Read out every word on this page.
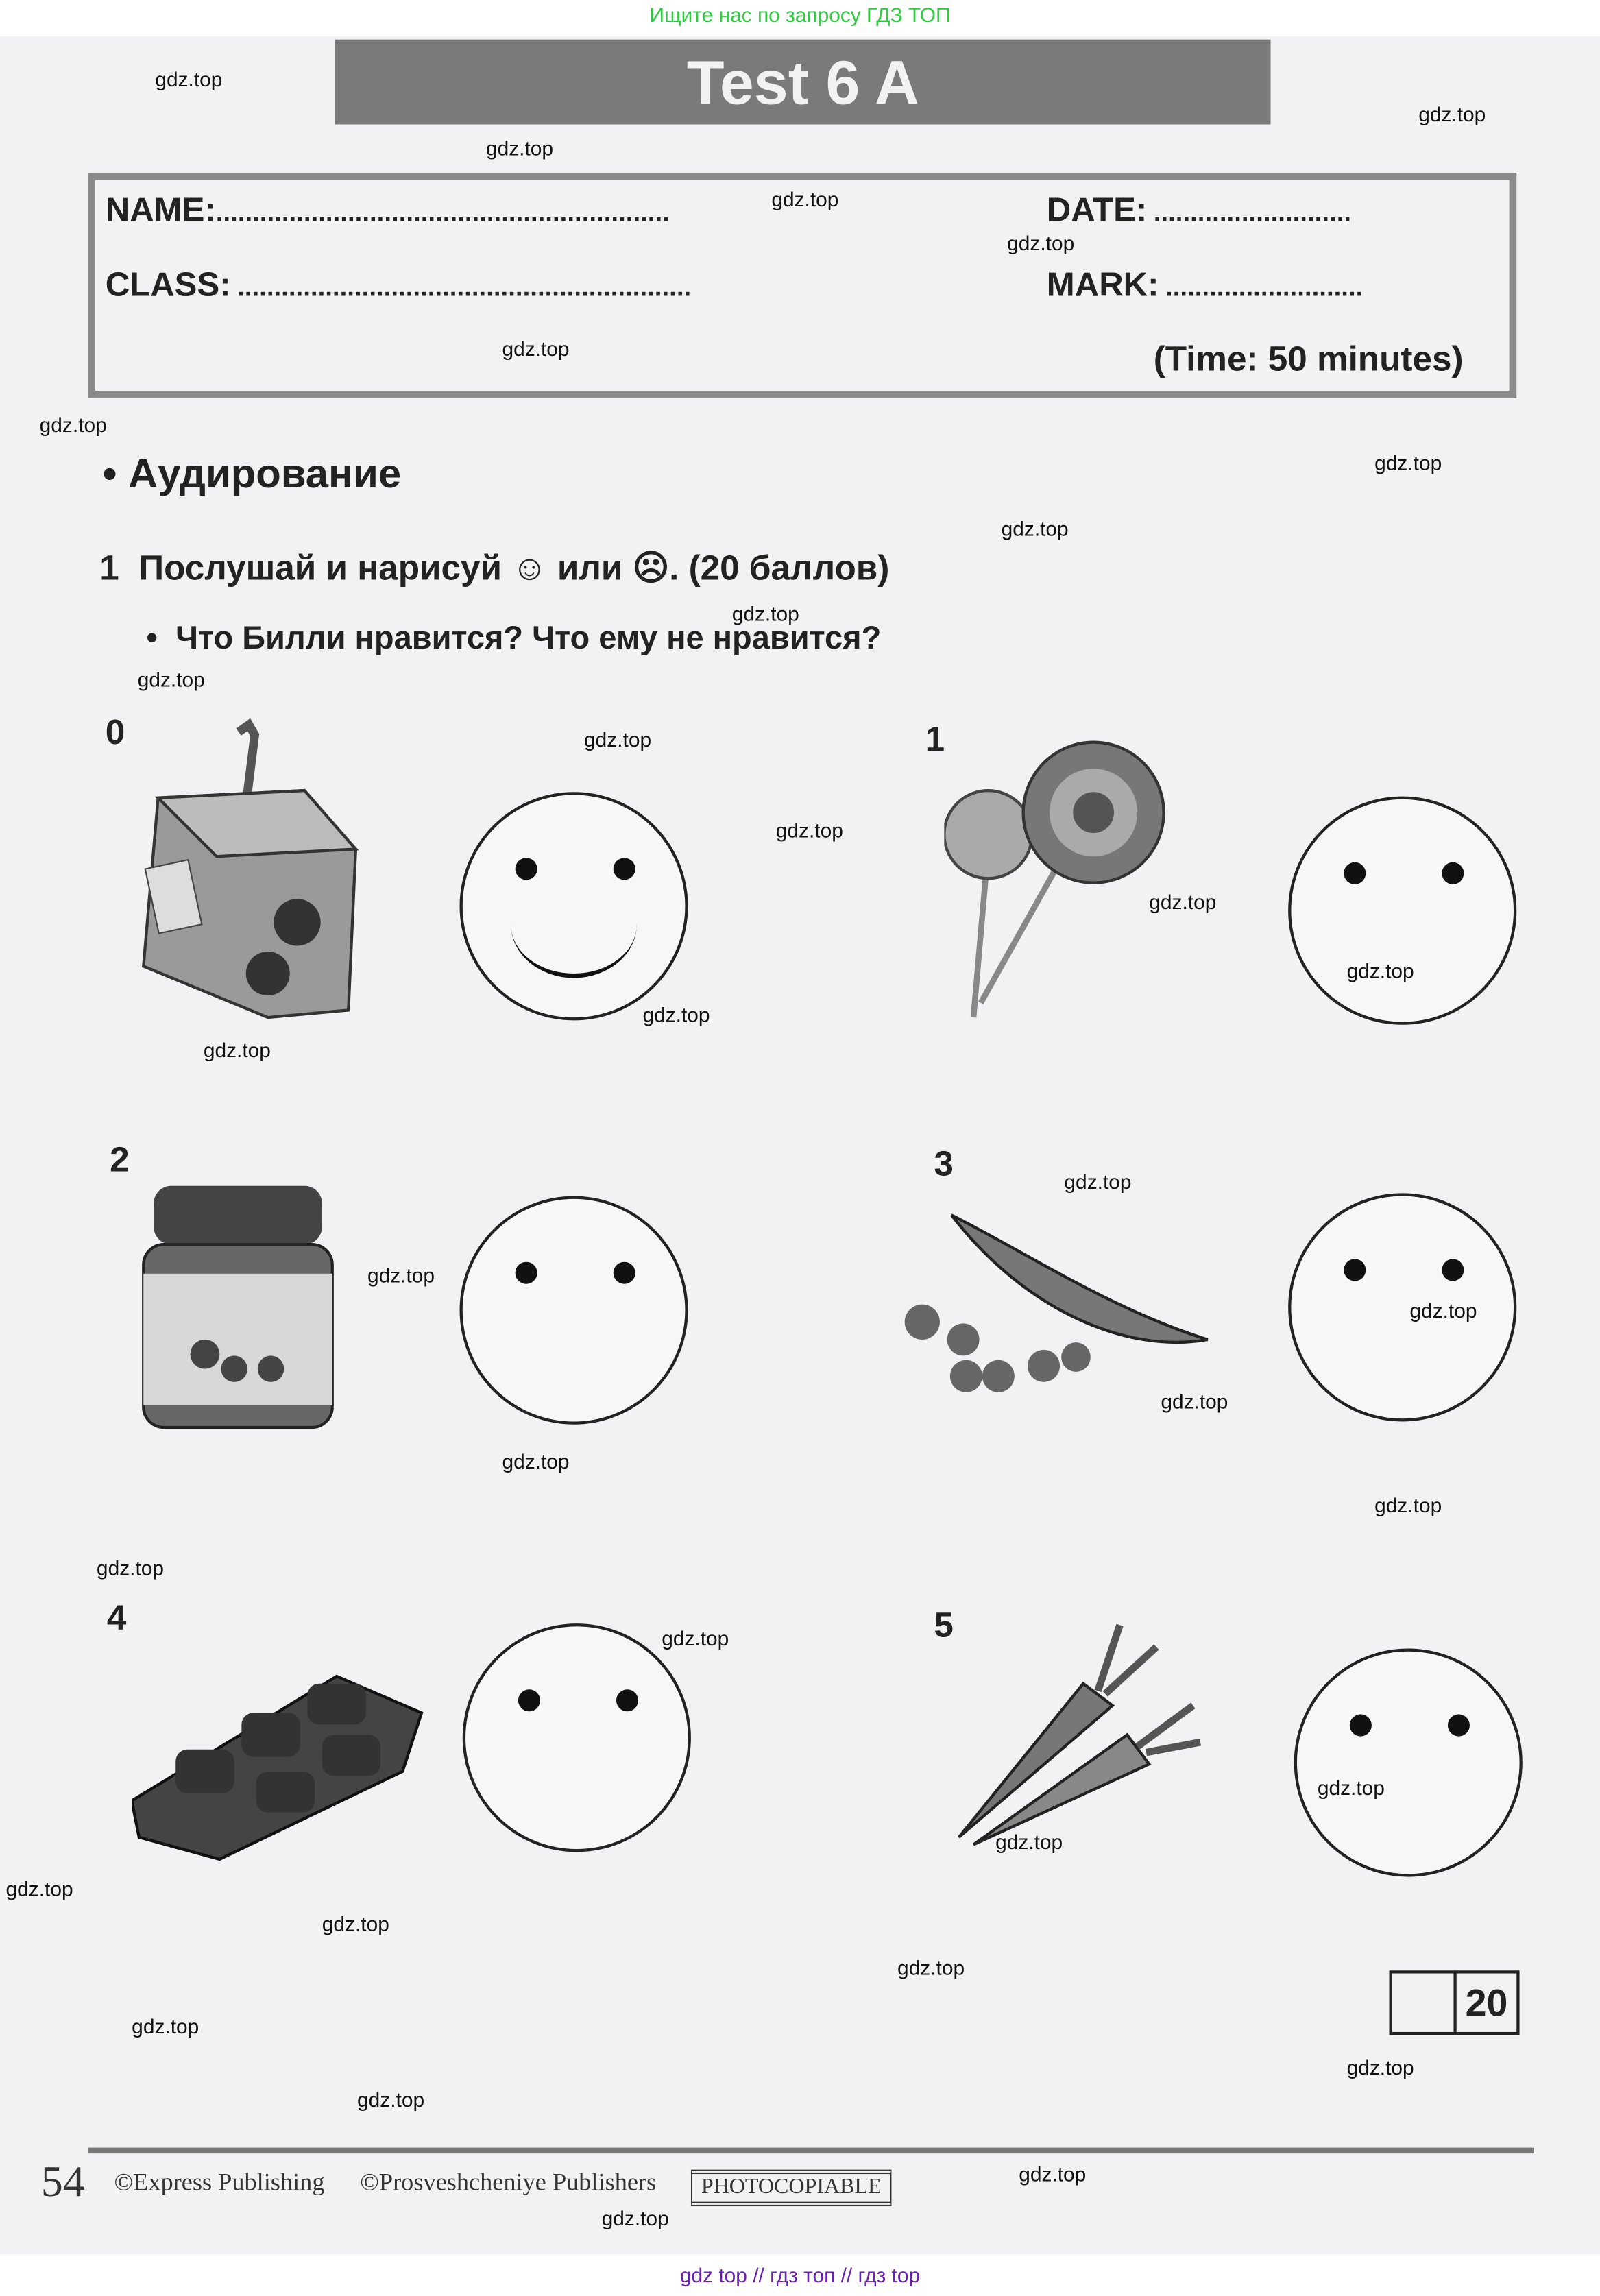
Ищите нас по запросу ГДЗ ТОП
Test 6 A
NAME:..............................................................
CLASS: ..............................................................
DATE: ...........................
MARK: ...........................
(Time: 50 minutes)
• Аудирование
1 Послушай и нарисуй ☺ или ☹. (20 баллов)
• Что Билли нравится? Что ему не нравится?
0	1
2	3
4	5
20
54	©Express Publishing	©Prosveshcheniye Publishers	PHOTOCOPIABLE
gdz top // гдз топ // гдз top
gdz.top
gdz.top
gdz.top
gdz.top
gdz.top
gdz.top
gdz.top
gdz.top
gdz.top
gdz.top
gdz.top
gdz.top
gdz.top
gdz.top
gdz.top
gdz.top
gdz.top
gdz.top
gdz.top
gdz.top
gdz.top
gdz.top
gdz.top
gdz.top
gdz.top
gdz.top
gdz.top
gdz.top
gdz.top
gdz.top
gdz.top
gdz.top
gdz.top
gdz.top
gdz.top
